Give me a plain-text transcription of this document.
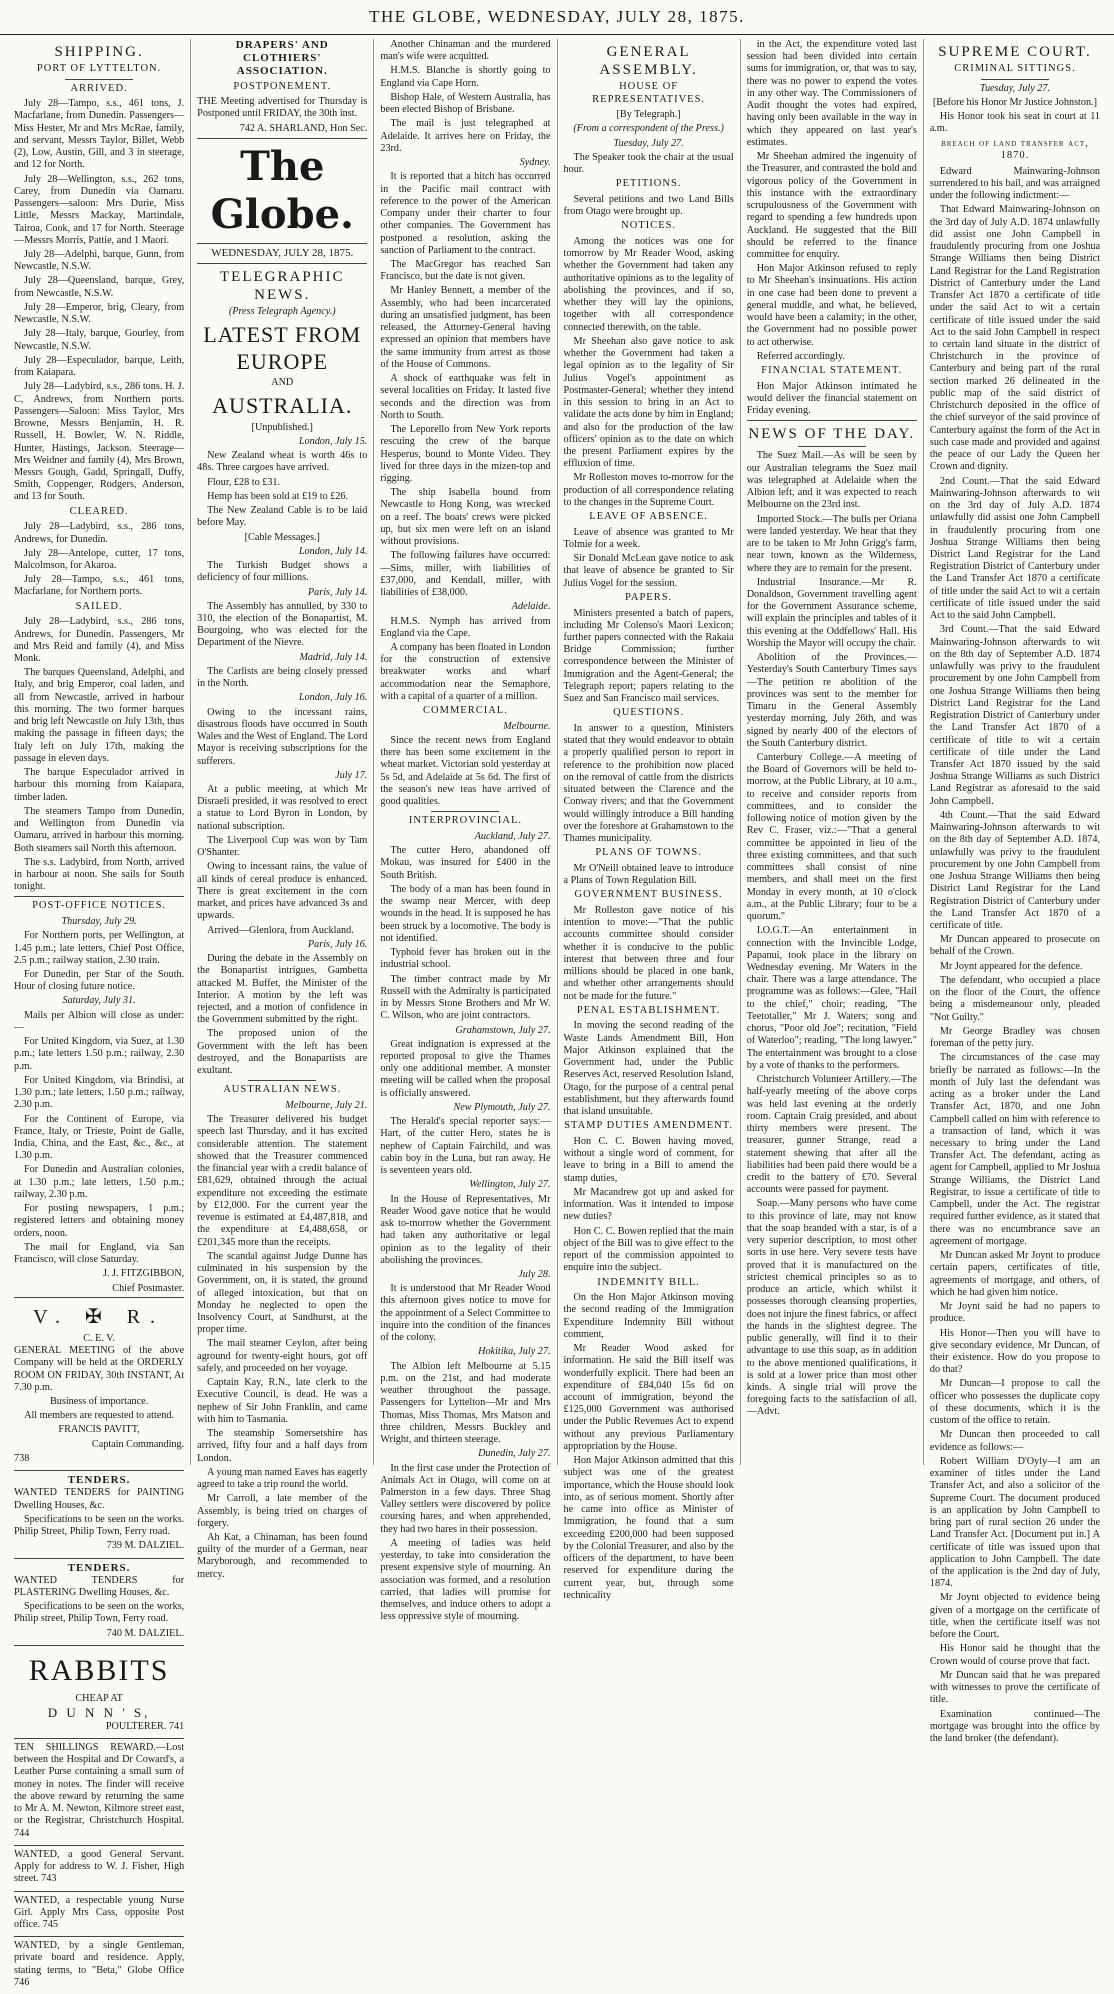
THE GLOBE, WEDNESDAY, JULY 28, 1875.
SHIPPING.
PORT OF LYTTELTON.
ARRIVED.

July 28—Tampo, s.s., 461 tons, J. Macfarlane, from Dunedin. Passengers—Miss Hester, Mr and Mrs McRae, family, and servant, Messrs Taylor, Billet, Webb (2), Low, Austin, Gill, and 3 in steerage, and 12 for North.

July 28—Wellington, s.s., 262 tons, Carey, from Dunedin via Oamaru. Passengers—saloon: Mrs Durie, Miss Little, Messrs Mackay, Martindale, Tairoa, Cook, and 17 for North. Steerage—Messrs Morris, Pattie, and 1 Maori.

July 28—Adelphi, barque, Gunn, from Newcastle, N.S.W.

July 28—Queensland, barque, Grey, from Newcastle, N.S.W.

July 28—Emperor, brig, Cleary, from Newcastle, N.S.W.

July 28—Italy, barque, Gourley, from Newcastle, N.S.W.

July 28—Especulador, barque, Leith, from Kaiapara.

July 28—Ladybird, s.s., 286 tons. H. J. C, Andrews, from Northern ports. Passengers—Saloon: Miss Taylor, Mrs Browne, Messrs Benjamin, H. R. Russell, H. Bowler, W. N. Riddle, Hunter, Hastings, Jackson. Steerage—Mrs Weidner and family (4), Mrs Brown, Messrs Gough, Gadd, Springall, Duffy, Smith, Coppenger, Rodgers, Anderson, and 13 for South.

CLEARED.

July 28—Ladybird, s.s., 286 tons, Andrews, for Dunedin.

July 28—Antelope, cutter, 17 tons, Malcolmson, for Akaroa.

July 28—Tampo, s.s., 461 tons, Macfarlane, for Northern ports.

SAILED.

July 28—Ladybird, s.s., 286 tons, Andrews, for Dunedin. Passengers, Mr and Mrs Reid and family (4), and Miss Monk.

The barques Queensland, Adelphi, and Italy, and brig Emperor, coal laden, and all from Newcastle, arrived in harbour this morning. The two former barques and brig left Newcastle on July 13th, thus making the passage in fifteen days; the Italy left on July 17th, making the passage in eleven days.

The barque Especulador arrived in harbour this morning from Kaiapara, timber laden.

The steamers Tampo from Dunedin, and Wellington from Dunedin via Oamaru, arrived in harbour this morning. Both steamers sail North this afternoon.

The s.s. Ladybird, from North, arrived in harbour at noon. She sails for South tonight.

POST-OFFICE NOTICES.
Thursday, July 29.

For Northern ports, per Wellington, at 1.45 p.m.; late letters, Chief Post Office, 2.5 p.m.; railway station, 2.30 train.

For Dunedin, per Star of the South. Hour of closing future notice.

Saturday, July 31.

Mails per Albion will close as under:—

For United Kingdom, via Suez, at 1.30 p.m.; late letters 1.50 p.m.; railway, 2.30 p.m.

For United Kingdom, via Brindisi, at 1.30 p.m.; late letters, 1.50 p.m.; railway, 2.30 p.m.

For the Continent of Europe, via France, Italy, or Trieste, Point de Galle, India, China, and the East, &c., &c., at 1.30 p.m.

For Dunedin and Australian colonies, at 1.30 p.m.; late letters, 1.50 p.m.; railway, 2.30 p.m.

For posting newspapers, 1 p.m.; registered letters and obtaining money orders, noon.

The mail for England, via San Francisco, will close Saturday.

J. J. FITZGIBBON,

Chief Postmaster.

V. ✠ R.
C. E. V.

GENERAL MEETING of the above Company will be held at the ORDERLY ROOM ON FRIDAY, 30th INSTANT, At 7.30 p.m.

Business of importance.

All members are requested to attend.

FRANCIS PAVITT,

Captain Commanding.

738

TENDERS.

WANTED TENDERS for PAINTING Dwelling Houses, &c.

Specifications to be seen on the works. Philip Street, Philip Town, Ferry road.

739 M. DALZIEL.

TENDERS.

WANTED TENDERS for PLASTERING Dwelling Houses, &c.

Specifications to be seen on the works, Philip street, Philip Town, Ferry road.

740 M. DALZIEL.

RABBITS
CHEAP AT
D U N N ' S,

POULTERER. 741

TEN SHILLINGS REWARD.—Lost between the Hospital and Dr Coward's, a Leather Purse containing a small sum of money in notes. The finder will receive the above reward by returning the same to Mr A. M. Newton, Kilmore street east, or the Registrar, Christchurch Hospital. 744

WANTED, a good General Servant. Apply for address to W. J. Fisher, High street. 743

WANTED, a respectable young Nurse Girl. Apply Mrs Cass, opposite Post office. 745

WANTED, by a single Gentleman, private board and residence. Apply, stating terms, to "Beta," Globe Office 746

DRAPERS' AND CLOTHIERS' ASSOCIATION.
POSTPONEMENT.

THE Meeting advertised for Thursday is Postponed until FRIDAY, the 30th inst.

742 A. SHARLAND, Hon Sec.

The Globe.
WEDNESDAY, JULY 28, 1875.
TELEGRAPHIC NEWS.
(Press Telegraph Agency.)
LATEST FROM EUROPE
AND
AUSTRALIA.
[Unpublished.]

London, July 15.

New Zealand wheat is worth 46s to 48s. Three cargoes have arrived.

Flour, £28 to £31.

Hemp has been sold at £19 to £26.

The New Zealand Cable is to be laid before May.

[Cable Messages.]

London, July 14.

The Turkish Budget shows a deficiency of four millions.

Paris, July 14.

The Assembly has annulled, by 330 to 310, the election of the Bonapartist, M. Bourgoing, who was elected for the Department of the Nievre.

Madrid, July 14.

The Carlists are being closely pressed in the North.

London, July 16.

Owing to the incessant rains, disastrous floods have occurred in South Wales and the West of England. The Lord Mayor is receiving subscriptions for the sufferers.

July 17.

At a public meeting, at which Mr Disraeli presided, it was resolved to erect a statue to Lord Byron in London, by national subscription.

The Liverpool Cup was won by Tam O'Shanter.

Owing to incessant rains, the value of all kinds of cereal produce is enhanced. There is great excitement in the corn market, and prices have advanced 3s and upwards.

Arrived—Glenlora, from Auckland.

Paris, July 16.

During the debate in the Assembly on the Bonapartist intrigues, Gambetta attacked M. Buffet, the Minister of the Interior. A motion by the left was rejected, and a motion of confidence in the Government submitted by the right.

The proposed union of the Government with the left has been destroyed, and the Bonapartists are exultant.

AUSTRALIAN NEWS.

Melbourne, July 21.

The Treasurer delivered his budget speech last Thursday, and it has excited considerable attention. The statement showed that the Treasurer commenced the financial year with a credit balance of £81,629, obtained through the actual expenditure not exceeding the estimate by £12,000. For the current year the revenue is estimated at £4,487,818, and the expenditure at £4,488,658, or £201,345 more than the receipts.

The scandal against Judge Dunne has culminated in his suspension by the Government, on, it is stated, the ground of alleged intoxication, but that on Monday he neglected to open the Insolvency Court, at Sandhurst, at the proper time.

The mail steamer Ceylon, after being aground for twenty-eight hours, got off safely, and proceeded on her voyage.

Captain Kay, R.N., late clerk to the Executive Council, is dead. He was a nephew of Sir John Franklin, and came with him to Tasmania.

The steamship Somersetshire has arrived, fifty four and a half days from London.

A young man named Eaves has eagerly agreed to take a trip round the world.

Mr Carroll, a late member of the Assembly, is being tried on charges of forgery.

Ah Kat, a Chinaman, has been found guilty of the murder of a German, near Maryborough, and recommended to mercy.

Another Chinaman and the murdered man's wife were acquitted.

H.M.S. Blanche is shortly going to England via Cape Horn.

Bishop Hale, of Western Australia, has been elected Bishop of Brisbane.

The mail is just telegraphed at Adelaide. It arrives here on Friday, the 23rd.

Sydney.

It is reported that a hitch has occurred in the Pacific mail contract with reference to the power of the American Company under their charter to four other companies. The Government has postponed a resolution, asking the sanction of Parliament to the contract.

The MacGregor has reached San Francisco, but the date is not given.

Mr Hanley Bennett, a member of the Assembly, who had been incarcerated during an unsatisfied judgment, has been released, the Attorney-General having expressed an opinion that members have the same immunity from arrest as those of the House of Commons.

A shock of earthquake was felt in several localities on Friday. It lasted five seconds and the direction was from North to South.

The Leporello from New York reports rescuing the crew of the barque Hesperus, bound to Monte Video. They lived for three days in the mizen-top and rigging.

The ship Isabella bound from Newcastle to Hong Kong, was wrecked on a reef. The boats' crews were picked up, but six men were left on an island without provisions.

The following failures have occurred:—Sims, miller, with liabilities of £37,000, and Kendall, miller, with liabilities of £38,000.

Adelaide.

H.M.S. Nymph has arrived from England via the Cape.

A company has been floated in London for the construction of extensive breakwater works and wharf accommodation near the Semaphore, with a capital of a quarter of a million.

COMMERCIAL.

Melbourne.

Since the recent news from England there has been some excitement in the wheat market. Victorian sold yesterday at 5s 5d, and Adelaide at 5s 6d. The first of the season's new teas have arrived of good qualities.

INTERPROVINCIAL.

Auckland, July 27.

The cutter Hero, abandoned off Mokau, was insured for £400 in the South British.

The body of a man has been found in the swamp near Mercer, with deep wounds in the head. It is supposed he has been struck by a locomotive. The body is not identified.

Typhoid fever has broken out in the industrial school.

The timber contract made by Mr Russell with the Admiralty is participated in by Messrs Stone Brothers and Mr W. C. Wilson, who are joint contractors.

Grahamstown, July 27.

Great indignation is expressed at the reported proposal to give the Thames only one additional member. A monster meeting will be called when the proposal is officially answered.

New Plymouth, July 27.

The Herald's special reporter says:—Hart, of the cutter Hero, states he is nephew of Captain Fairchild, and was cabin boy in the Luna, but ran away. He is seventeen years old.

Wellington, July 27.

In the House of Representatives, Mr Reader Wood gave notice that he would ask to-morrow whether the Government had taken any authoritative or legal opinion as to the legality of their abolishing the provinces.

July 28.

It is understood that Mr Reader Wood this afternoon gives notice to move for the appointment of a Select Committee to inquire into the condition of the finances of the colony.

Hokitika, July 27.

The Albion left Melbourne at 5.15 p.m. on the 21st, and had moderate weather throughout the passage. Passengers for Lyttelton—Mr and Mrs Thomas, Miss Thomas, Mrs Matson and three children, Messrs Buckley and Wright, and thirteen steerage.

Dunedin, July 27.

In the first case under the Protection of Animals Act in Otago, will come on at Palmerston in a few days. Three Shag Valley settlers were discovered by police coursing hares, and when apprehended, they had two hares in their possession.

A meeting of ladies was held yesterday, to take into consideration the present expensive style of mourning. An association was formed, and a resolution carried, that ladies will promise for themselves, and induce others to adopt a less oppressive style of mourning.

GENERAL ASSEMBLY.
HOUSE OF REPRESENTATIVES.
[By Telegraph.]
(From a correspondent of the Press.)
Tuesday, July 27.

The Speaker took the chair at the usual hour.

PETITIONS.

Several petitions and two Land Bills from Otago were brought up.

NOTICES.

Among the notices was one for tomorrow by Mr Reader Wood, asking whether the Government had taken any authoritative opinions as to the legality of abolishing the provinces, and if so, whether they will lay the opinions, together with all correspondence connected therewith, on the table.

Mr Sheehan also gave notice to ask whether the Government had taken a legal opinion as to the legality of Sir Julius Vogel's appointment as Postmaster-General; whether they intend in this session to bring in an Act to validate the acts done by him in England; and also for the production of the law officers' opinion as to the date on which the present Parliament expires by the effluxion of time.

Mr Rolleston moves to-morrow for the production of all correspondence relating to the changes in the Supreme Court.

LEAVE OF ABSENCE.

Leave of absence was granted to Mr Tolmie for a week.

Sir Donald McLean gave notice to ask that leave of absence be granted to Sir Julius Vogel for the session.

PAPERS.

Ministers presented a batch of papers, including Mr Colenso's Maori Lexicon; further papers connected with the Rakaia Bridge Commission; further correspondence between the Minister of Immigration and the Agent-General; the Telegraph report; papers relating to the Suez and San Francisco mail services.

QUESTIONS.

In answer to a question, Ministers stated that they would endeavor to obtain a properly qualified person to report in reference to the prohibition now placed on the removal of cattle from the districts situated between the Clarence and the Conway rivers; and that the Government would willingly introduce a Bill handing over the foreshore at Grahamstown to the Thames municipality.

PLANS OF TOWNS.

Mr O'Neill obtained leave to introduce a Plans of Town Regulation Bill.

GOVERNMENT BUSINESS.

Mr Rolleston gave notice of his intention to move:—"That the public accounts committee should consider whether it is conducive to the public interest that between three and four millions should be placed in one bank, and whether other arrangements should not be made for the future."

PENAL ESTABLISHMENT.

In moving the second reading of the Waste Lands Amendment Bill, Hon Major Atkinson explained that the Government had, under the Public Reserves Act, reserved Resolution Island, Otago, for the purpose of a central penal establishment, but they afterwards found that island unsuitable.

STAMP DUTIES AMENDMENT.

Hon C. C. Bowen having moved, without a single word of comment, for leave to bring in a Bill to amend the stamp duties,

Mr Macandrew got up and asked for information. Was it intended to impose new duties?

Hon C. C. Bowen replied that the main object of the Bill was to give effect to the report of the commission appointed to enquire into the subject.

INDEMNITY BILL.

On the Hon Major Atkinson moving the second reading of the Immigration Expenditure Indemnity Bill without comment,

Mr Reader Wood asked for information. He said the Bill itself was wonderfully explicit. There had been an expenditure of £84,040 15s 6d on account of immigration, beyond the £125,000 Government was authorised under the Public Revenues Act to expend without any previous Parliamentary appropriation by the House.

Hon Major Atkinson admitted that this subject was one of the greatest importance, which the House should look into, as of serious moment. Shortly after he came into office as Minister of Immigration, he found that a sum exceeding £200,000 had been supposed by the Colonial Treasurer, and also by the officers of the department, to have been reserved for expenditure during the current year, but, through some technicality

in the Act, the expenditure voted last session had been divided into certain sums for immigration, or, that was to say, there was no power to expend the votes in any other way. The Commissioners of Audit thought the votes had expired, having only been available in the way in which they appeared on last year's estimates.

Mr Sheehan admired the ingenuity of the Treasurer, and contrasted the bold and vigorous policy of the Government in this instance with the extraordinary scrupulousness of the Government with regard to spending a few hundreds upon Auckland. He suggested that the Bill should be referred to the finance committee for enquiry.

Hon Major Atkinson refused to reply to Mr Sheehan's insinuations. His action in one case had been done to prevent a general muddle, and what, he believed, would have been a calamity; in the other, the Government had no possible power to act otherwise.

Referred accordingly.

FINANCIAL STATEMENT.

Hon Major Atkinson intimated he would deliver the financial statement on Friday evening.

NEWS OF THE DAY.

The Suez Mail.—As will be seen by our Australian telegrams the Suez mail was telegraphed at Adelaide when the Albion left, and it was expected to reach Melbourne on the 23rd inst.

Imported Stock.—The bulls per Oriana were landed yesterday. We hear that they are to be taken to Mr John Grigg's farm, near town, known as the Wilderness, where they are to remain for the present.

Industrial Insurance.—Mr R. Donaldson, Government travelling agent for the Government Assurance scheme, will explain the principles and tables of it this evening at the Oddfellows' Hall. His Worship the Mayor will occupy the chair.

Abolition of the Provinces.—Yesterday's South Canterbury Times says—The petition re abolition of the provinces was sent to the member for Timaru in the General Assembly yesterday morning, July 26th, and was signed by nearly 400 of the electors of the South Canterbury district.

Canterbury College.—A meeting of the Board of Governors will be held to-morrow, at the Public Library, at 10 a.m., to receive and consider reports from committees, and to consider the following notice of motion given by the Rev C. Fraser, viz.:—"That a general committee be appointed in lieu of the three existing committees, and that such committees shall consist of nine members, and shall meet on the first Monday in every month, at 10 o'clock a.m., at the Public Library; four to be a quorum."

I.O.G.T.—An entertainment in connection with the Invincible Lodge, Papanui, took place in the library on Wednesday evening. Mr Waters in the chair. There was a large attendance. The programme was as follows:—Glee, "Hail to the chief," choir; reading, "The Teetotaller," Mr J. Waters; song and chorus, "Poor old Joe"; recitation, "Field of Waterloo"; reading, "The long lawyer." The entertainment was brought to a close by a vote of thanks to the performers.

Christchurch Volunteer Artillery.—The half-yearly meeting of the above corps was held last evening at the orderly room. Captain Craig presided, and about thirty members were present. The treasurer, gunner Strange, read a statement shewing that after all the liabilities had been paid there would be a credit to the battery of £70. Several accounts were passed for payment.

Soap.—Many persons who have come to this province of late, may not know that the soap branded with a star, is of a very superior description, to most other sorts in use here. Very severe tests have proved that it is manufactured on the strictest chemical principles so as to produce an article, which whilst it possesses thorough cleansing properties, does not injure the finest fabrics, or affect the hands in the slightest degree. The public generally, will find it to their advantage to use this soap, as in addition to the above mentioned qualifications, it is sold at a lower price than most other kinds. A single trial will prove the foregoing facts to the satisfaction of all.—Advt.

SUPREME COURT.
CRIMINAL SITTINGS.
Tuesday, July 27.

[Before his Honor Mr Justice Johnston.]

His Honor took his seat in court at 11 a.m.

breach of land transfer act, 1870.

Edward Mainwaring-Johnson surrendered to his bail, and was arraigned under the following indictment:—

That Edward Mainwaring-Johnson on the 3rd day of July A.D. 1874 unlawfully did assist one John Campbell in fraudulently procuring from one Joshua Strange Williams then being District Land Registrar for the Land Registration District of Canterbury under the Land Transfer Act 1870 a certificate of title under the said Act to wit a certain certificate of title issued under the said Act to the said John Campbell in respect to certain land situate in the district of Christchurch in the province of Canterbury and being part of the rural section marked 26 delineated in the public map of the said district of Christchurch deposited in the office of the chief surveyor of the said province of Canterbury against the form of the Act in such case made and provided and against the peace of our Lady the Queen her Crown and dignity.

2nd Count.—That the said Edward Mainwaring-Johnson afterwards to wit on the 3rd day of July A.D. 1874 unlawfully did assist one John Campbell in fraudulently procuring from one Joshua Strange Williams then being District Land Registrar for the Land Registration District of Canterbury under the Land Transfer Act 1870 a certificate of title under the said Act to wit a certain certificate of title issued under the said Act to the said John Campbell.

3rd Count.—That the said Edward Mainwaring-Johnson afterwards to wit on the 8th day of September A.D. 1874 unlawfully was privy to the fraudulent procurement by one John Campbell from one Joshua Strange Williams then being District Land Registrar for the Land Registration District of Canterbury under the Land Transfer Act 1870 of a certificate of title to wit a certain certificate of title under the Land Transfer Act 1870 issued by the said Joshua Strange Williams as such District Land Registrar as aforesaid to the said John Campbell.

4th Count.—That the said Edward Mainwaring-Johnson afterwards to wit on the 8th day of September A.D. 1874, unlawfully was privy to the fraudulent procurement by one John Campbell from one Joshua Strange Williams then being District Land Registrar for the Land Registration District of Canterbury under the Land Transfer Act 1870 of a certificate of title.

Mr Duncan appeared to prosecute on behalf of the Crown.

Mr Joynt appeared for the defence.

The defendant, who occupied a place on the floor of the Court, the offence being a misdemeanour only, pleaded "Not Guilty."

Mr George Bradley was chosen foreman of the petty jury.

The circumstances of the case may briefly be narrated as follows:—In the month of July last the defendant was acting as a broker under the Land Transfer Act, 1870, and one John Campbell called on him with reference to a transaction of land, which it was necessary to bring under the Land Transfer Act. The defendant, acting as agent for Campbell, applied to Mr Joshua Strange Williams, the District Land Registrar, to issue a certificate of title to Campbell, under the Act. The registrar required further evidence, as it stated that there was no encumbrance save an agreement of mortgage.

Mr Duncan asked Mr Joynt to produce certain papers, certificates of title, agreements of mortgage, and others, of which he had given him notice.

Mr Joynt said he had no papers to produce.

His Honor—Then you will have to give secondary evidence, Mr Duncan, of their existence. How do you propose to do that?

Mr Duncan—I propose to call the officer who possesses the duplicate copy of these documents, which it is the custom of the office to retain.

Mr Duncan then proceeded to call evidence as follows:—

Robert William D'Oyly—I am an examiner of titles under the Land Transfer Act, and also a solicitor of the Supreme Court. The document produced is an application by John Campbell to bring part of rural section 26 under the Land Transfer Act. [Document put in.] A certificate of title was issued upon that application to John Campbell. The date of the application is the 2nd day of July, 1874.

Mr Joynt objected to evidence being given of a mortgage on the certificate of title, when the certificate itself was not before the Court.

His Honor said he thought that the Crown would of course prove that fact.

Mr Duncan said that he was prepared with witnesses to prove the certificate of title.

Examination continued—The mortgage was brought into the office by the land broker (the defendant).
